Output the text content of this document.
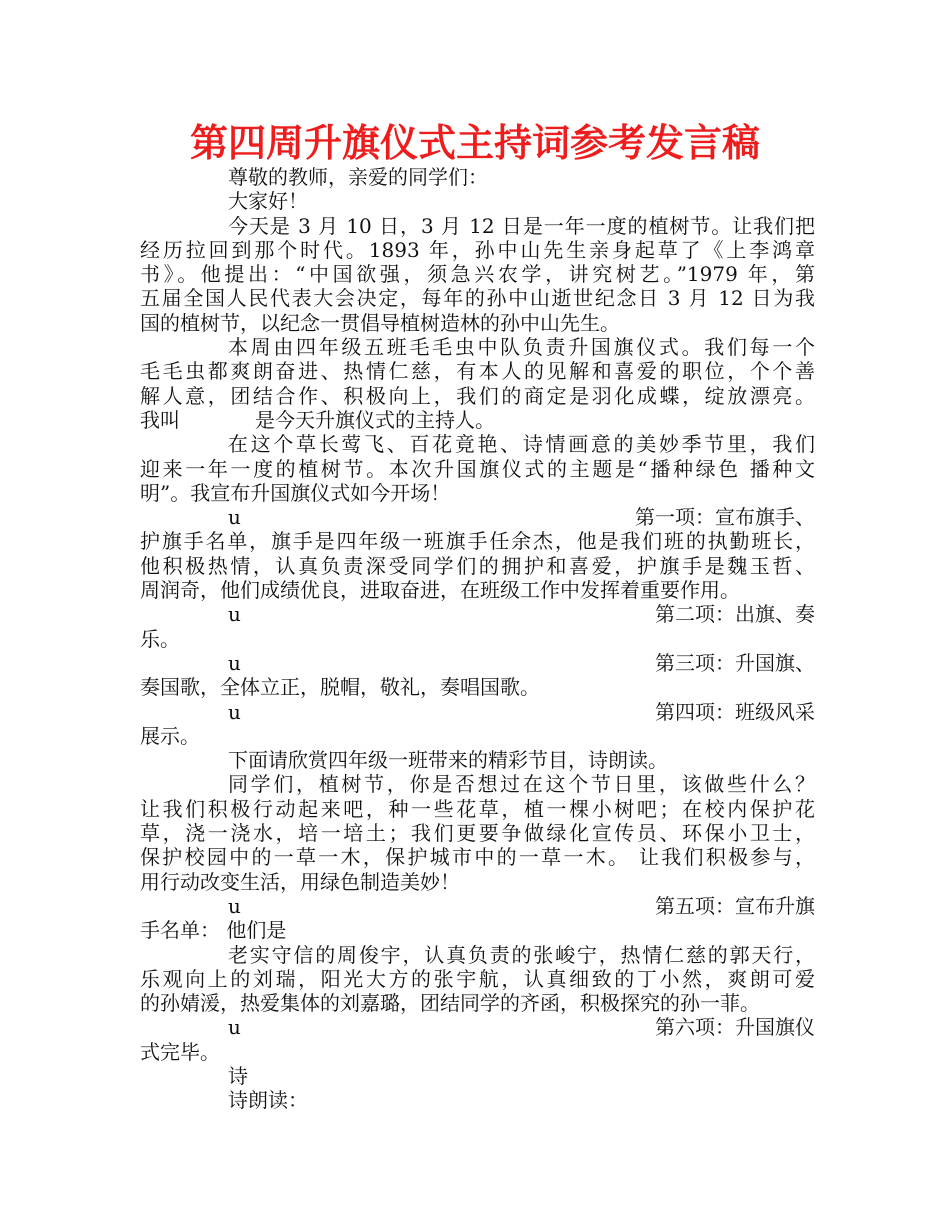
第四周升旗仪式主持词参考发言稿
尊敬的教师，亲爱的同学们：
大家好！
今天是 3 月 10 日，3 月 12 日是一年一度的植树节。让我们把
经历拉回到那个时代。1893 年，孙中山先生亲身起草了《上李鸿章
书》。他提出：“中国欲强，须急兴农学，讲究树艺。”1979 年，第
五届全国人民代表大会决定，每年的孙中山逝世纪念日 3 月 12 日为我
国的植树节，以纪念一贯倡导植树造林的孙中山先生。
本周由四年级五班毛毛虫中队负责升国旗仪式。我们每一个
毛毛虫都爽朗奋进、热情仁慈，有本人的见解和喜爱的职位，个个善
解人意，团结合作、积极向上，我们的商定是羽化成蝶，绽放漂亮。
我叫	是今天升旗仪式的主持人。
在这个草长莺飞、百花竟艳、诗情画意的美妙季节里，我们
迎来一年一度的植树节。本次升国旗仪式的主题是“播种绿色 播种文
明”。我宣布升国旗仪式如今开场！
u	第一项：宣布旗手、
护旗手名单，旗手是四年级一班旗手任余杰，他是我们班的执勤班长，
他积极热情，认真负责深受同学们的拥护和喜爱，护旗手是魏玉哲、
周润奇，他们成绩优良，进取奋进，在班级工作中发挥着重要作用。
u	第二项：出旗、奏
乐。
u	第三项：升国旗、
奏国歌，全体立正，脱帽，敬礼，奏唱国歌。
u	第四项：班级风采
展示。
下面请欣赏四年级一班带来的精彩节目，诗朗读。
同学们，植树节，你是否想过在这个节日里，该做些什么？
让我们积极行动起来吧，种一些花草，植一棵小树吧；在校内保护花
草，浇一浇水，培一培土；我们更要争做绿化宣传员、环保小卫士，
保护校园中的一草一木，保护城市中的一草一木。 让我们积极参与，
用行动改变生活，用绿色制造美妙！
u	第五项：宣布升旗
手名单： 他们是
老实守信的周俊宇，认真负责的张峻宁，热情仁慈的郭天行，
乐观向上的刘瑞，阳光大方的张宇航，认真细致的丁小然，爽朗可爱
的孙婧湲，热爱集体的刘嘉璐，团结同学的齐函，积极探究的孙一菲。
u	第六项：升国旗仪
式完毕。
诗
诗朗读：
